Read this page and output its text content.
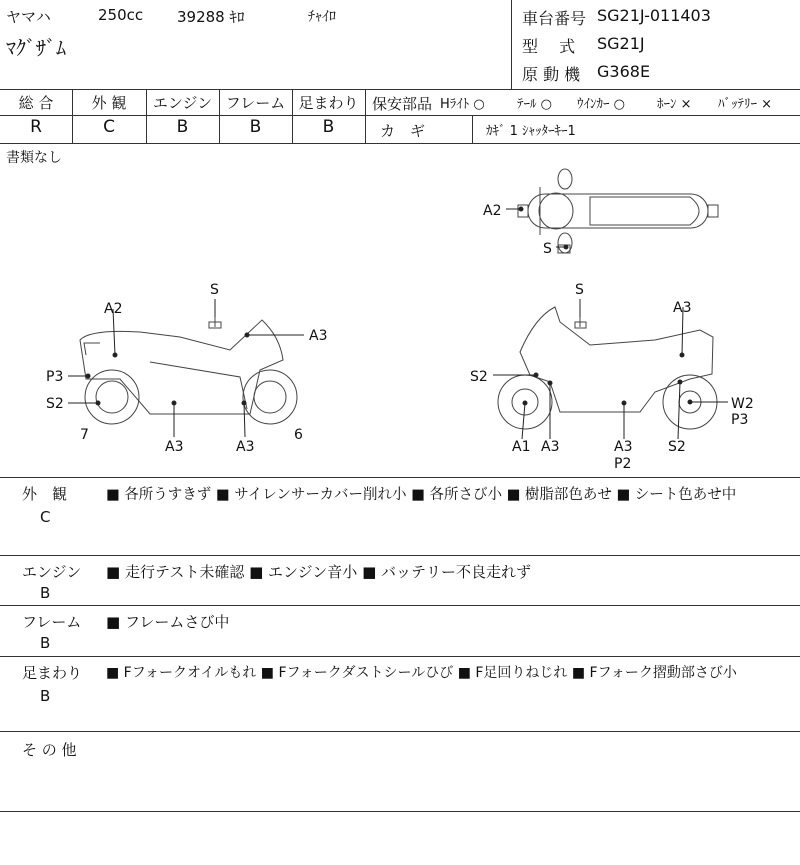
ヤマハ	250cc 39288 ｷﾛ	ﾁｬｲﾛ
ﾏｸﾞｻﾞﾑ
車台番号 SG21J-011403
型　 式 SG21J
原 動 機 G368E
総 合	外 観	エンジン フレーム 足まわり
R	C	B	B	B
保安部品 Hﾗｲﾄ ○ ﾃｰﾙ ○ ｳｲﾝｶｰ ○ ﾎｰﾝ × ﾊﾞｯﾃﾘｰ ×
カ　ギ	ｶｷﾞ 1 ｼｬｯﾀｰｷｰ1
書類なし
A2
S
S
A2
A3
P3
S2
7
A3	A3
6
S
A3
S2
W2
P3
A1 A3	A3
P2
S2
外　観
C
■ 各所うすきず ■ サイレンサーカバー削れ小 ■ 各所さび小 ■ 樹脂部色あせ ■ シート色あせ中
エンジン
B
■ 走行テスト未確認 ■ エンジン音小 ■ バッテリー不良走れず
フレーム
B
■ フレームさび中
足まわり
B
■ Fフォークオイルもれ ■ Fフォークダストシールひび ■ F足回りねじれ ■ Fフォーク摺動部さび小
そ の 他
